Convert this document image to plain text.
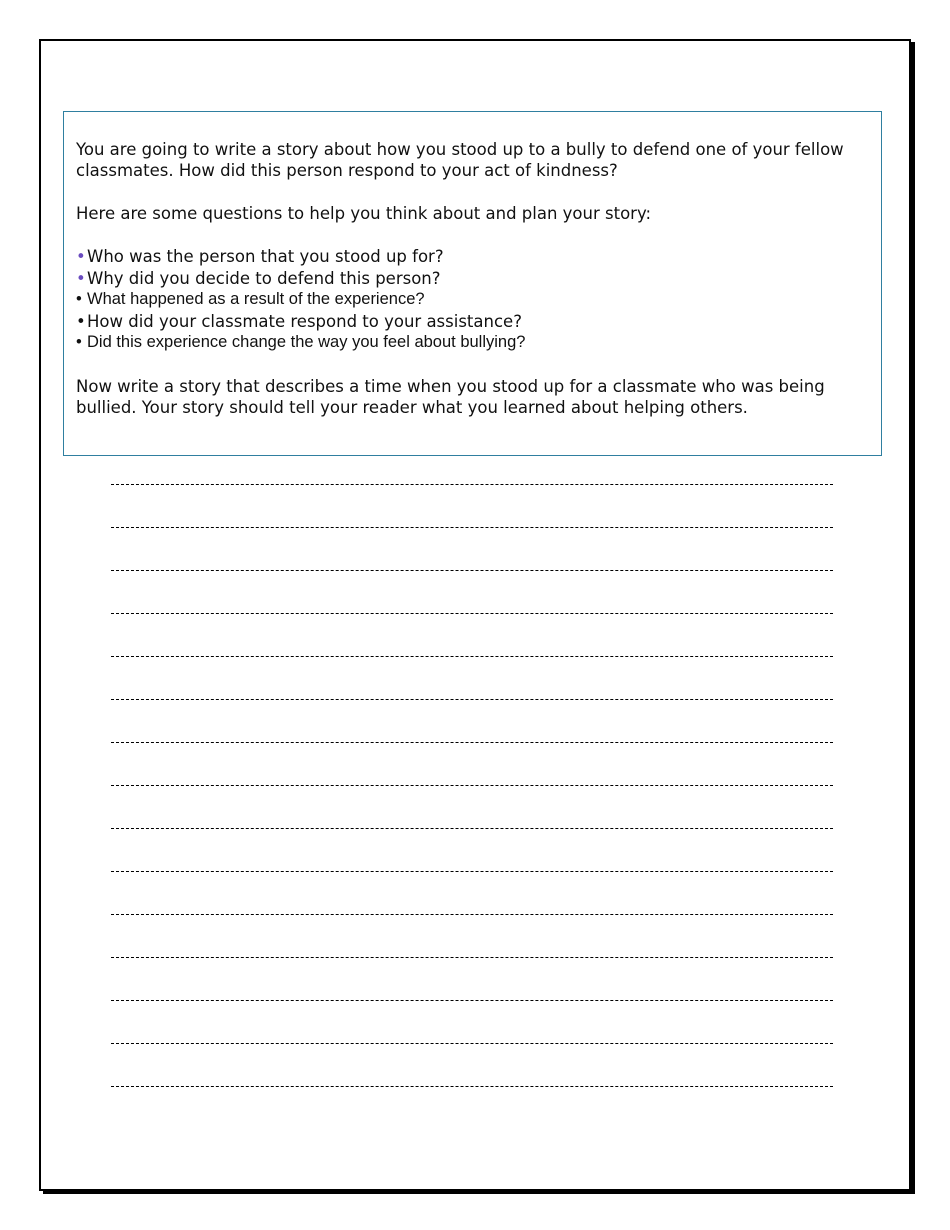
You are going to write a story about how you stood up to a bully to defend one of your fellow classmates. How did this person respond to your act of kindness?

Here are some questions to help you think about and plan your story:

•Who was the person that you stood up for?
•Why did you decide to defend this person?
• What happened as a result of the experience?
•How did your classmate respond to your assistance?
• Did this experience change the way you feel about bullying?

Now write a story that describes a time when you stood up for a classmate who was being bullied. Your story should tell your reader what you learned about helping others.
